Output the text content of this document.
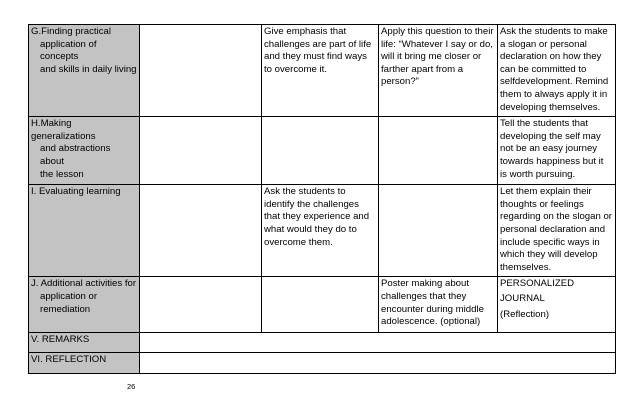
G.Finding practical
application of concepts
and skills in daily living		Give emphasis that challenges are part of life and they must find ways to overcome it.	Apply this question to their life: “Whatever I say or do, will it bring me closer or farther apart from a person?”	Ask the students to make a slogan or personal declaration on how they can be committed to selfdevelopment. Remind them to always apply it in developing themselves.

H.Making generalizations
and abstractions about
the lesson				Tell the students that developing the self may not be an easy journey towards happiness but it is worth pursuing.

I. Evaluating learning		Ask the students to identify the challenges that they experience and what would they do to overcome them.		Let them explain their thoughts or feelings regarding on the slogan or personal declaration and include specific ways in which they will develop themselves.

J. Additional activities for
application or
remediation			Poster making about challenges that they encounter during middle adolescence. (optional)	PERSONALIZED
JOURNAL
(Reflection)

V. REMARKS				
VI. REFLECTION				
26
